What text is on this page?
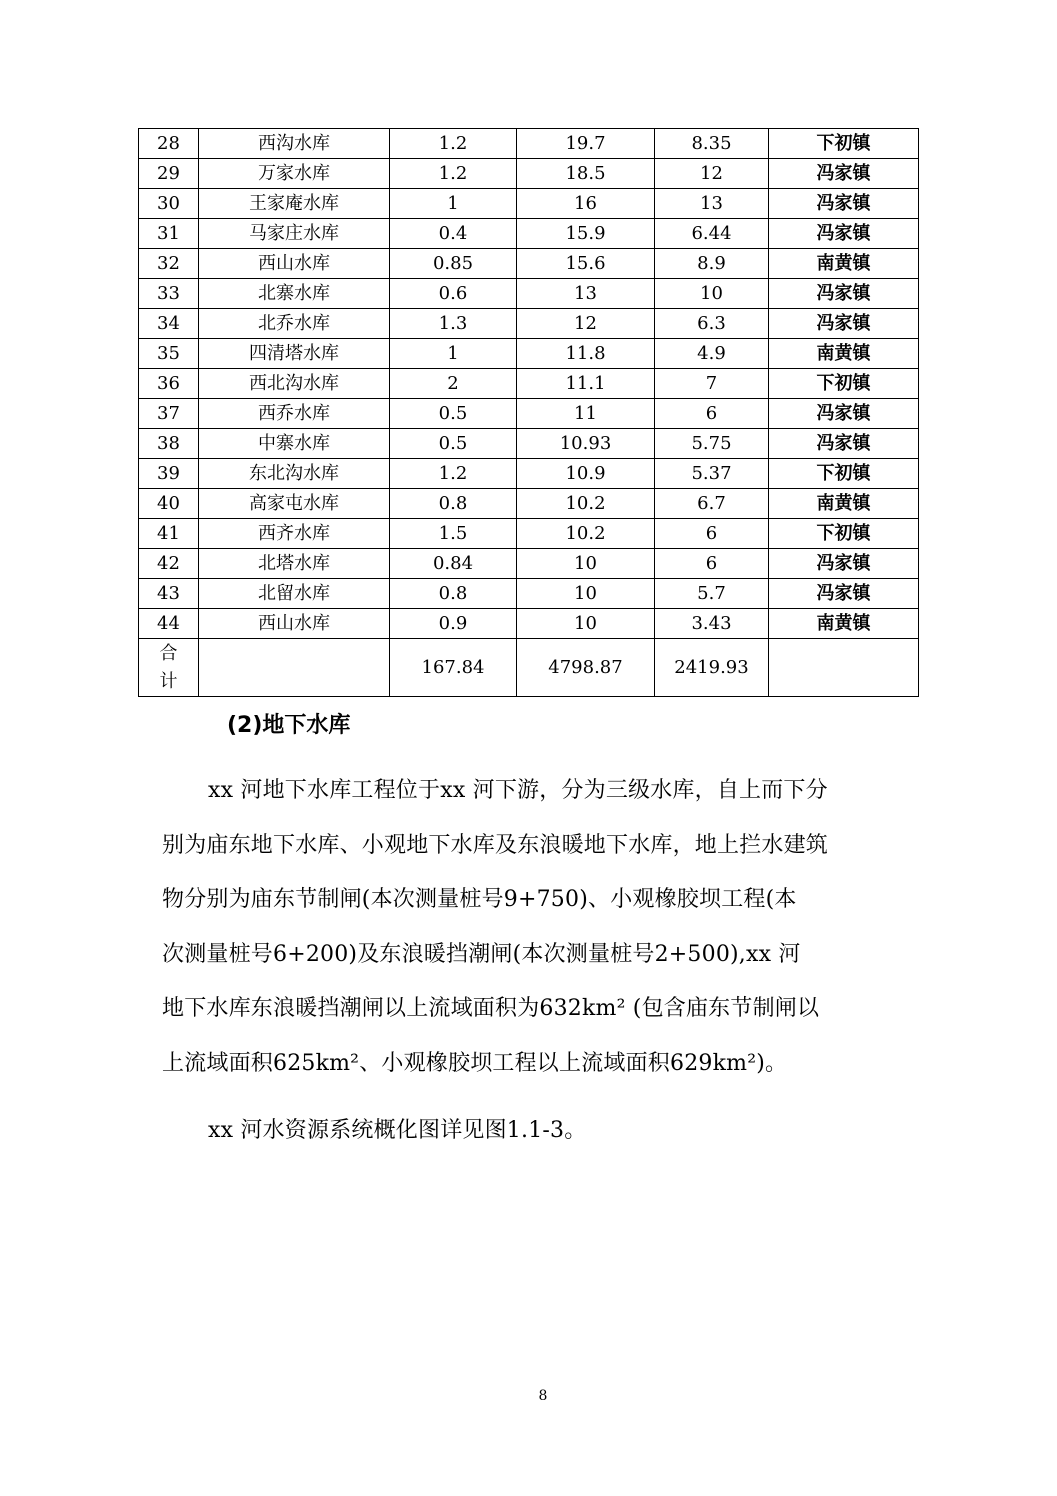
28	西沟水库	1.2	19.7	8.35	下初镇
29	万家水库	1.2	18.5	12	冯家镇
30	王家庵水库	1	16	13	冯家镇
31	马家庄水库	0.4	15.9	6.44	冯家镇
32	西山水库	0.85	15.6	8.9	南黄镇
33	北寨水库	0.6	13	10	冯家镇
34	北乔水库	1.3	12	6.3	冯家镇
35	四清塔水库	1	11.8	4.9	南黄镇
36	西北沟水库	2	11.1	7	下初镇
37	西乔水库	0.5	11	6	冯家镇
38	中寨水库	0.5	10.93	5.75	冯家镇
39	东北沟水库	1.2	10.9	5.37	下初镇
40	高家屯水库	0.8	10.2	6.7	南黄镇
41	西齐水库	1.5	10.2	6	下初镇
42	北塔水库	0.84	10	6	冯家镇
43	北留水库	0.8	10	5.7	冯家镇
44	西山水库	0.9	10	3.43	南黄镇
合计		167.84	4798.87	2419.93	
(2)地下水库
xx 河地下水库工程位于xx 河下游，分为三级水库，自上而下分
别为庙东地下水库、小观地下水库及东浪暖地下水库，地上拦水建筑
物分别为庙东节制闸(本次测量桩号9+750)、小观橡胶坝工程(本
次测量桩号6+200)及东浪暖挡潮闸(本次测量桩号2+500),xx 河
地下水库东浪暖挡潮闸以上流域面积为632km² (包含庙东节制闸以
上流域面积625km²、小观橡胶坝工程以上流域面积629km²)。
xx 河水资源系统概化图详见图1.1-3。
8
